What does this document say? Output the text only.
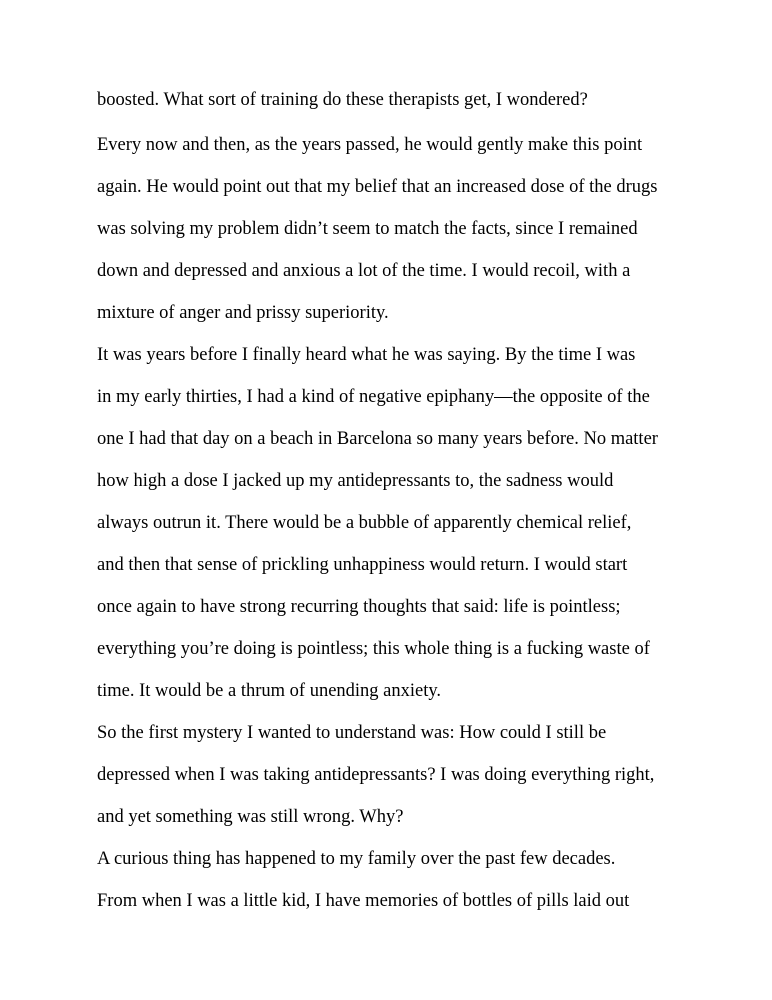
boosted. What sort of training do these therapists get, I wondered?
Every now and then, as the years passed, he would gently make this point
again. He would point out that my belief that an increased dose of the drugs
was solving my problem didn’t seem to match the facts, since I remained
down and depressed and anxious a lot of the time. I would recoil, with a
mixture of anger and prissy superiority.
It was years before I finally heard what he was saying. By the time I was
in my early thirties, I had a kind of negative epiphany—the opposite of the
one I had that day on a beach in Barcelona so many years before. No matter
how high a dose I jacked up my antidepressants to, the sadness would
always outrun it. There would be a bubble of apparently chemical relief,
and then that sense of prickling unhappiness would return. I would start
once again to have strong recurring thoughts that said: life is pointless;
everything you’re doing is pointless; this whole thing is a fucking waste of
time. It would be a thrum of unending anxiety.
So the first mystery I wanted to understand was: How could I still be
depressed when I was taking antidepressants? I was doing everything right,
and yet something was still wrong. Why?
A curious thing has happened to my family over the past few decades.
From when I was a little kid, I have memories of bottles of pills laid out
